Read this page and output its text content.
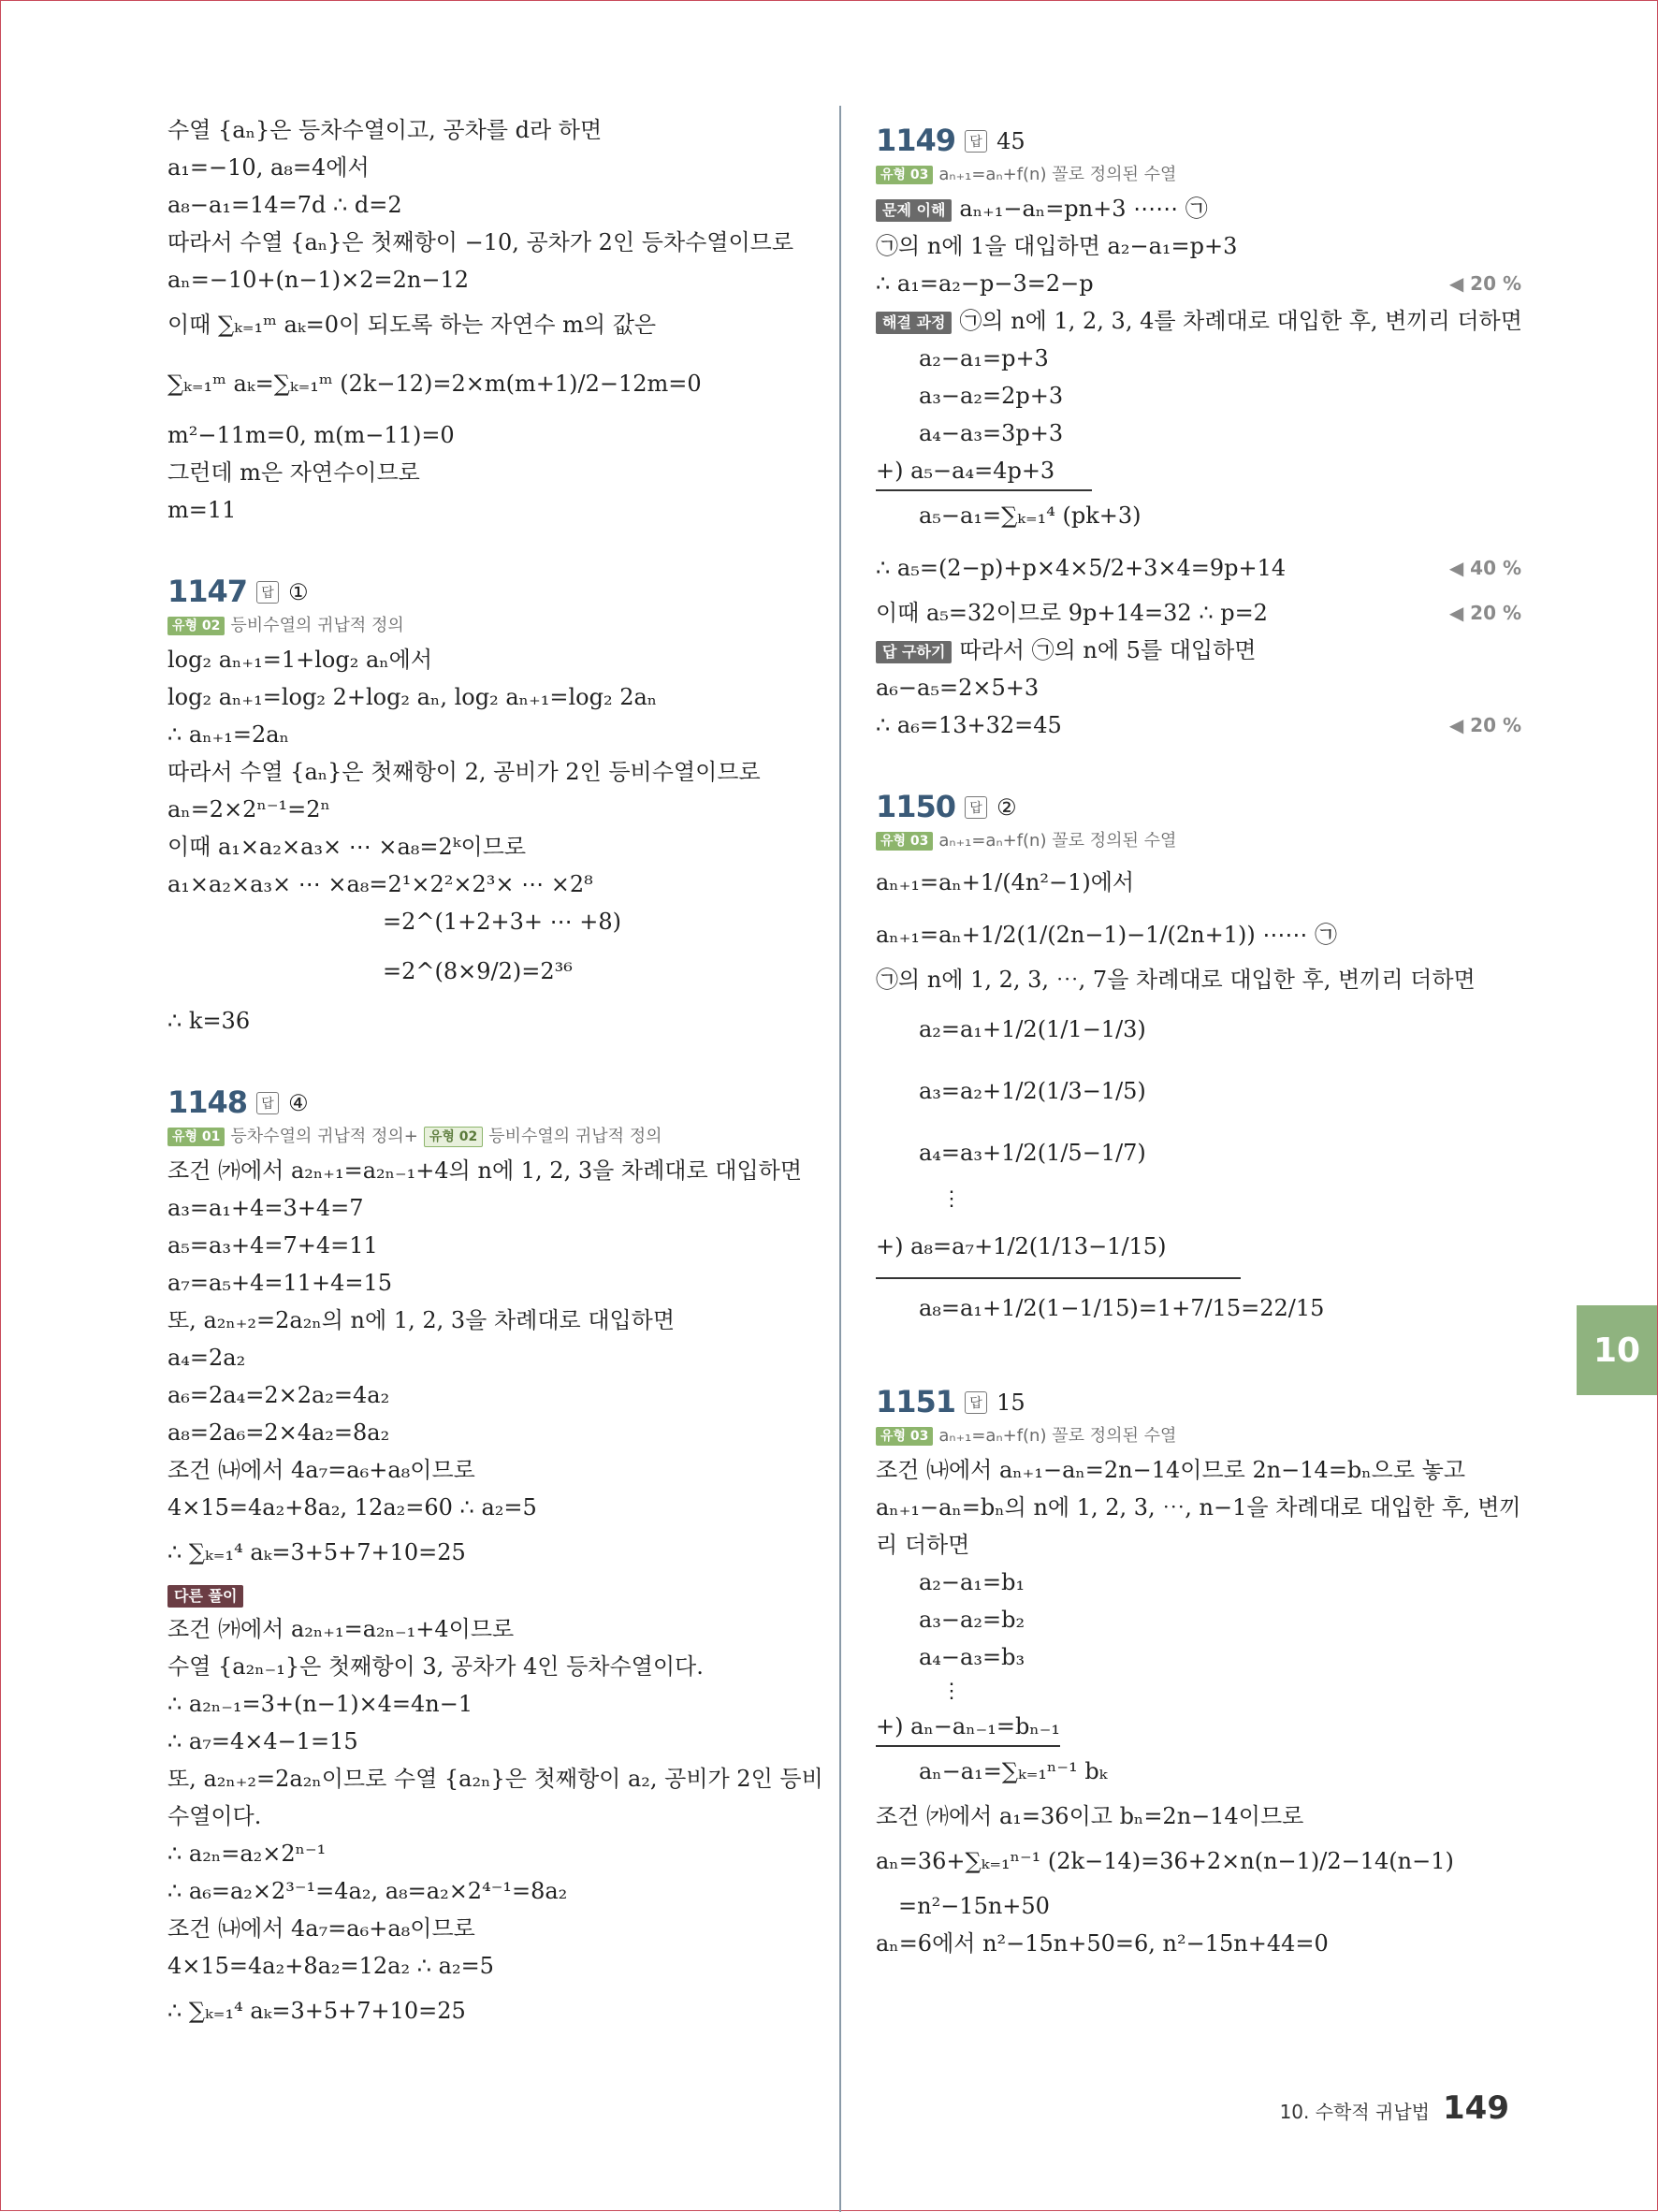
수열 {aₙ}은 등차수열이고, 공차를 d라 하면
a₁=−10, a₈=4에서
a₈−a₁=14=7d ∴ d=2
따라서 수열 {aₙ}은 첫째항이 −10, 공차가 2인 등차수열이므로
aₙ=−10+(n−1)×2=2n−12
이때 ∑ₖ₌₁ᵐ aₖ=0이 되도록 하는 자연수 m의 값은
∑ₖ₌₁ᵐ aₖ=∑ₖ₌₁ᵐ (2k−12)=2×m(m+1)/2−12m=0
m²−11m=0, m(m−11)=0
그런데 m은 자연수이므로
m=11
1147	답 ①
유형 02 등비수열의 귀납적 정의
log₂ aₙ₊₁=1+log₂ aₙ에서
log₂ aₙ₊₁=log₂ 2+log₂ aₙ, log₂ aₙ₊₁=log₂ 2aₙ
∴ aₙ₊₁=2aₙ
따라서 수열 {aₙ}은 첫째항이 2, 공비가 2인 등비수열이므로
aₙ=2×2ⁿ⁻¹=2ⁿ
이때 a₁×a₂×a₃× ⋯ ×a₈=2ᵏ이므로
a₁×a₂×a₃× ⋯ ×a₈=2¹×2²×2³× ⋯ ×2⁸
=2^(1+2+3+ ⋯ +8)
=2^(8×9/2)=2³⁶
∴ k=36
1148	답 ④
유형 01 등차수열의 귀납적 정의+ 유형 02 등비수열의 귀납적 정의
조건 ㈎에서 a₂ₙ₊₁=a₂ₙ₋₁+4의 n에 1, 2, 3을 차례대로 대입하면
a₃=a₁+4=3+4=7
a₅=a₃+4=7+4=11
a₇=a₅+4=11+4=15
또, a₂ₙ₊₂=2a₂ₙ의 n에 1, 2, 3을 차례대로 대입하면
a₄=2a₂
a₆=2a₄=2×2a₂=4a₂
a₈=2a₆=2×4a₂=8a₂
조건 ㈏에서 4a₇=a₆+a₈이므로
4×15=4a₂+8a₂, 12a₂=60 ∴ a₂=5
∴ ∑ₖ₌₁⁴ aₖ=3+5+7+10=25
다른 풀이
조건 ㈎에서 a₂ₙ₊₁=a₂ₙ₋₁+4이므로
수열 {a₂ₙ₋₁}은 첫째항이 3, 공차가 4인 등차수열이다.
∴ a₂ₙ₋₁=3+(n−1)×4=4n−1
∴ a₇=4×4−1=15
또, a₂ₙ₊₂=2a₂ₙ이므로 수열 {a₂ₙ}은 첫째항이 a₂, 공비가 2인 등비
수열이다.
∴ a₂ₙ=a₂×2ⁿ⁻¹
∴ a₆=a₂×2³⁻¹=4a₂, a₈=a₂×2⁴⁻¹=8a₂
조건 ㈏에서 4a₇=a₆+a₈이므로
4×15=4a₂+8a₂=12a₂ ∴ a₂=5
∴ ∑ₖ₌₁⁴ aₖ=3+5+7+10=25
1149	답 45
유형 03 aₙ₊₁=aₙ+f(n) 꼴로 정의된 수열
문제 이해 aₙ₊₁−aₙ=pn+3 ⋯⋯ ㉠
㉠의 n에 1을 대입하면 a₂−a₁=p+3
∴ a₁=a₂−p−3=2−p	◀ 20 %
해결 과정 ㉠의 n에 1, 2, 3, 4를 차례대로 대입한 후, 변끼리 더하면
a₂−a₁=p+3
a₃−a₂=2p+3
a₄−a₃=3p+3
+) a₅−a₄=4p+3
a₅−a₁=∑ₖ₌₁⁴ (pk+3)
∴ a₅=(2−p)+p×4×5/2+3×4=9p+14	◀ 40 %
이때 a₅=32이므로 9p+14=32 ∴ p=2	◀ 20 %
답 구하기 따라서 ㉠의 n에 5를 대입하면
a₆−a₅=2×5+3
∴ a₆=13+32=45	◀ 20 %
1150	답 ②
유형 03 aₙ₊₁=aₙ+f(n) 꼴로 정의된 수열
aₙ₊₁=aₙ+1/(4n²−1)에서
aₙ₊₁=aₙ+1/2(1/(2n−1)−1/(2n+1)) ⋯⋯ ㉠
㉠의 n에 1, 2, 3, ⋯, 7을 차례대로 대입한 후, 변끼리 더하면
a₂=a₁+1/2(1/1−1/3)
a₃=a₂+1/2(1/3−1/5)
a₄=a₃+1/2(1/5−1/7)
⋮
+) a₈=a₇+1/2(1/13−1/15)
a₈=a₁+1/2(1−1/15)=1+7/15=22/15
1151	답 15
유형 03 aₙ₊₁=aₙ+f(n) 꼴로 정의된 수열
조건 ㈏에서 aₙ₊₁−aₙ=2n−14이므로 2n−14=bₙ으로 놓고
aₙ₊₁−aₙ=bₙ의 n에 1, 2, 3, ⋯, n−1을 차례대로 대입한 후, 변끼
리 더하면
a₂−a₁=b₁
a₃−a₂=b₂
a₄−a₃=b₃
⋮
+) aₙ−aₙ₋₁=bₙ₋₁
aₙ−a₁=∑ₖ₌₁ⁿ⁻¹ bₖ
조건 ㈎에서 a₁=36이고 bₙ=2n−14이므로
aₙ=36+∑ₖ₌₁ⁿ⁻¹ (2k−14)=36+2×n(n−1)/2−14(n−1)
=n²−15n+50
aₙ=6에서 n²−15n+50=6, n²−15n+44=0
10
10. 수학적 귀납법 149
